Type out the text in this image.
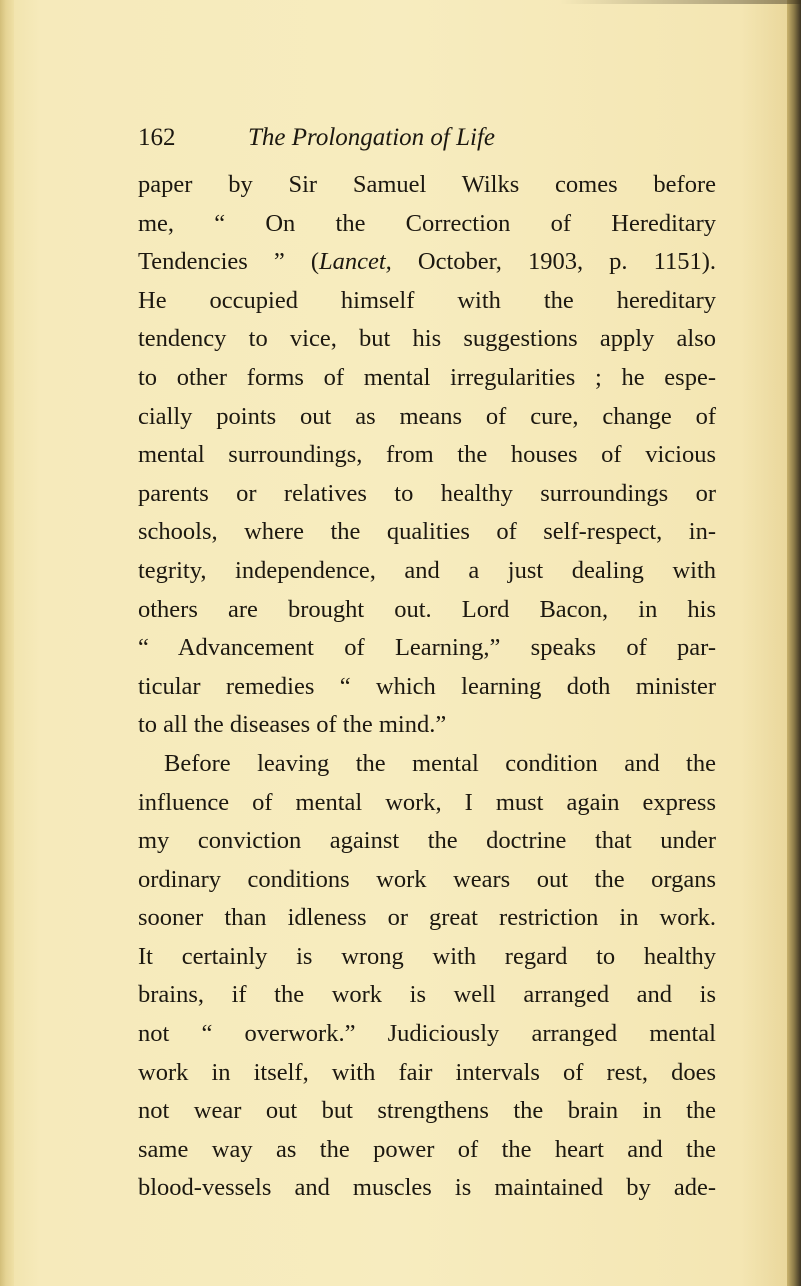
162	The Prolongation of Life
paper by Sir Samuel Wilks comes before
me, “ On the Correction of Hereditary
Tendencies ” (Lancet, October, 1903, p. 1151).
He occupied himself with the hereditary
tendency to vice, but his suggestions apply also
to other forms of mental irregularities ; he espe-
cially points out as means of cure, change of
mental surroundings, from the houses of vicious
parents or relatives to healthy surroundings or
schools, where the qualities of self-respect, in-
tegrity, independence, and a just dealing with
others are brought out. Lord Bacon, in his
“ Advancement of Learning,” speaks of par-
ticular remedies “ which learning doth minister
to all the diseases of the mind.”
Before leaving the mental condition and the
influence of mental work, I must again express
my conviction against the doctrine that under
ordinary conditions work wears out the organs
sooner than idleness or great restriction in work.
It certainly is wrong with regard to healthy
brains, if the work is well arranged and is
not “ overwork.” Judiciously arranged mental
work in itself, with fair intervals of rest, does
not wear out but strengthens the brain in the
same way as the power of the heart and the
blood-vessels and muscles is maintained by ade-
